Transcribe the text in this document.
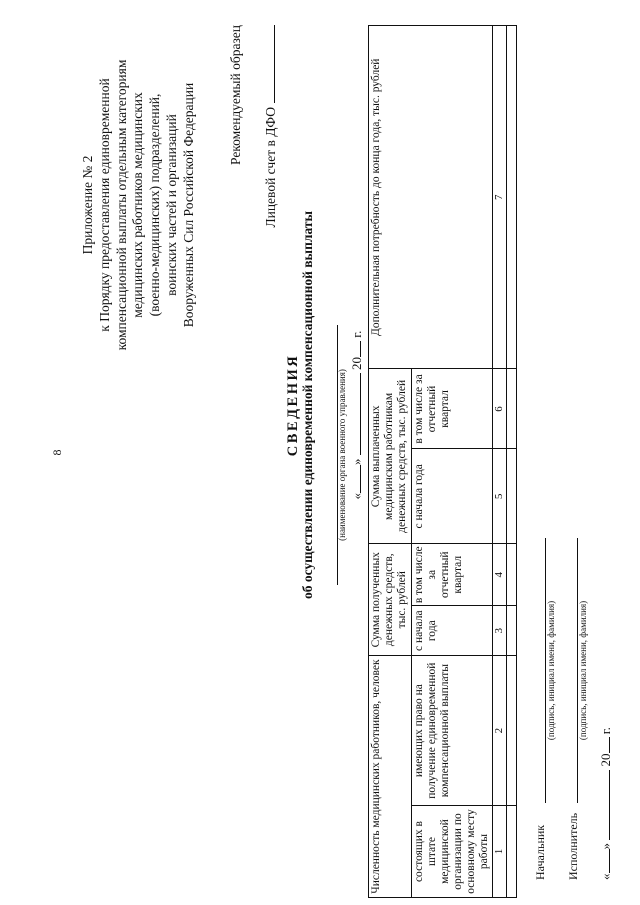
8
Приложение № 2 к Порядку предоставления единовременной компенсационной выплаты отдельным категориям медицинских работников медицинских (военно-медицинских) подразделений, воинских частей и организаций Вооруженных Сил Российской Федерации Рекомендуемый образец
Лицевой счет в ДФО
СВЕДЕНИЯ об осуществлении единовременной компенсационной выплаты (наименование органа военного управления) «»  20 г.
Численность медицинских работников, человек		Сумма полученных денежных средств, тыс. рублей		Сумма выплаченных медицинским работникам денежных средств, тыс. рублей		Дополнительная потребность до конца года, тыс. рублей
состоящих в штате медицинской организации по основному месту работы	имеющих право на получение единовременной компенсационной выплаты	с начала года	в том числе за отчетный квартал	с начала года	в том числе за отчетный квартал	
1	2	3	4	5	6	7

Начальник
(подпись, инициал имени, фамилия)
Исполнитель
(подпись, инициал имени, фамилия)
«»  20 г.
